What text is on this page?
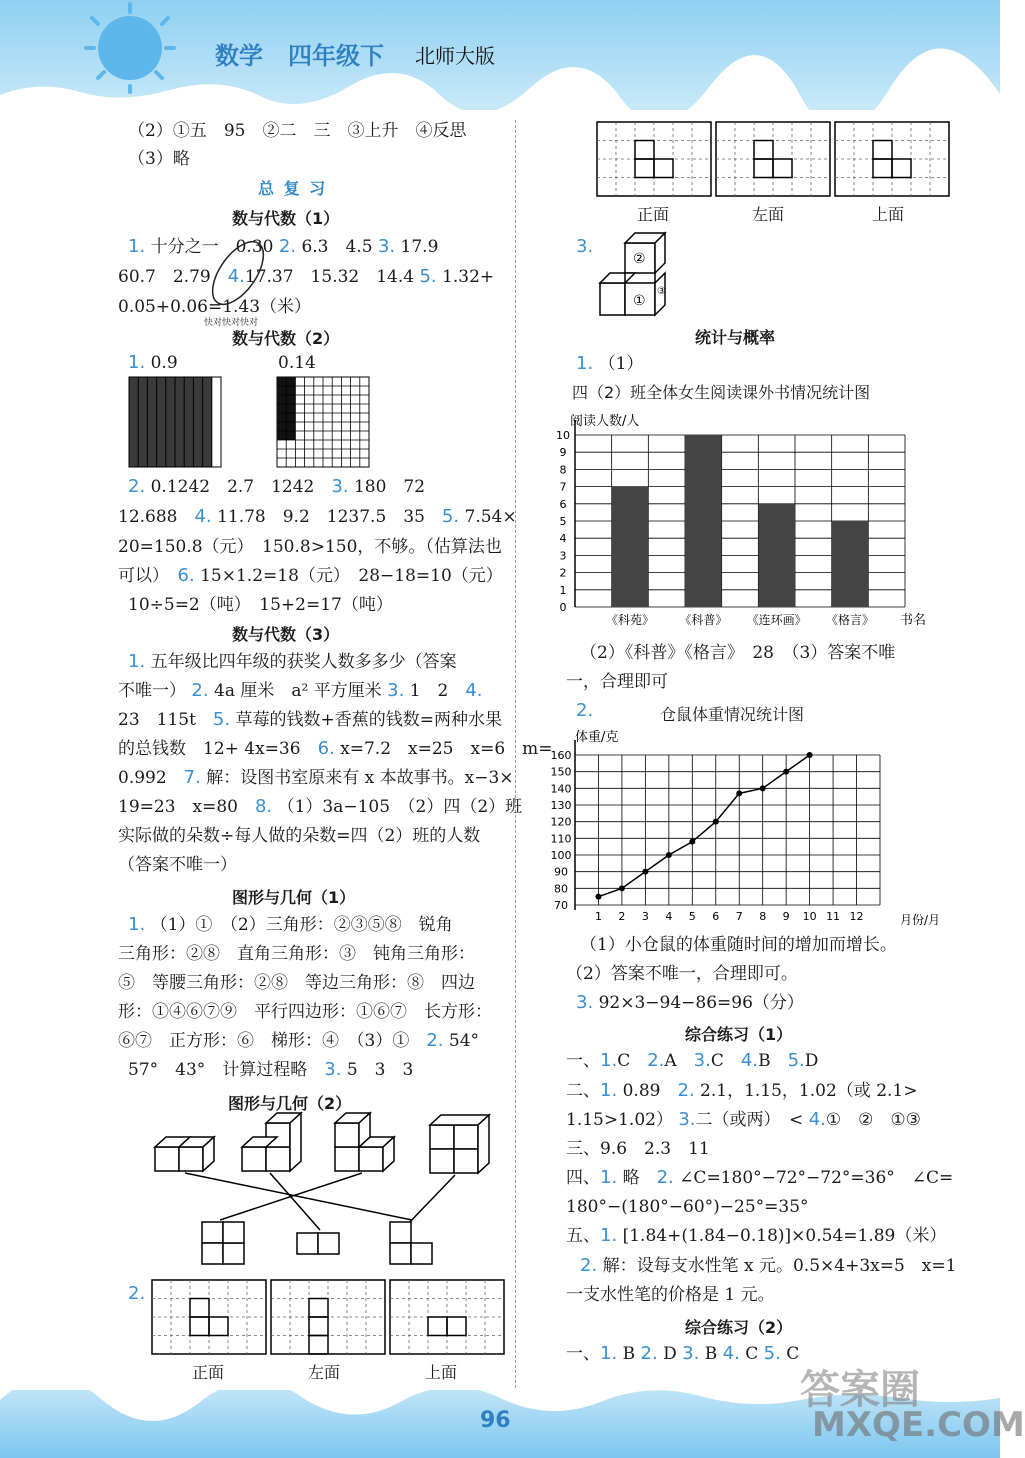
数学 四年级下 北师大版
（2）①五　95　②二　三　③上升　④反思
（3）略
总 复 习
数与代数（1）
1. 十分之一　0.30 2. 6.3　4.5 3. 17.9
60.7　2.79　 4.17.37　15.32　14.4 5. 1.32+
0.05+0.06=1.43（米）
快对快对快对
数与代数（2）
1. 0.9	0.14
2. 0.1242　2.7　1242　 3. 180　72
12.688　 4. 11.78　9.2　1237.5　35　 5. 7.54×
20=150.8（元）　150.8>150，不够。（估算法也
可以）　 6. 15×1.2=18（元）　28−18=10（元）
10÷5=2（吨）　15+2=17（吨）
数与代数（3）
1. 五年级比四年级的获奖人数多多少（答案
不唯一） 2. 4a 厘米　a² 平方厘米 3. 1　2　 4.
23　115t　 5. 草莓的钱数+香蕉的钱数=两种水果
的总钱数　12+ 4x=36　 6. x=7.2　x=25　x=6　m=
0.992　 7. 解：设图书室原来有 x 本故事书。x−3×
19=23　x=80　 8. （1）3a−105　（2）四（2）班
实际做的朵数÷每人做的朵数=四（2）班的人数
（答案不唯一）
图形与几何（1）
1. （1）①　（2）三角形：②③⑤⑧　锐角
三角形：②⑧　直角三角形：③　钝角三角形：
⑤　等腰三角形：②⑧　等边三角形：⑧　四边
形：①④⑥⑦⑨　平行四边形：①⑥⑦　长方形：
⑥⑦　正方形：⑥　梯形：④　（3）①　 2. 54°
57°　43°　计算过程略　 3. 5　3　3
图形与几何（2）
2.
正面	左面	上面
正面	左面	上面
3.
②
①
③
统计与概率
1. （1）
四（2）班全体女生阅读课外书情况统计图
阅读人数/人
书名
0
1
2
3
4
5
6
7
8
9
10
《科苑》 《科普》 《连环画》 《格言》
（2）《科普》《格言》　28　（3）答案不唯
一，合理即可
2.	仓鼠体重情况统计图
体重/克
月份/月
70
80
90
100
110
120
130
140
150
160
1 2 3 4 5 6 7 8 9 10 11 12
（1）小仓鼠的体重随时间的增加而增长。
（2）答案不唯一，合理即可。
3. 92×3−94−86=96（分）
综合练习（1）
一、1.C　 2.A　 3.C　 4.B　 5.D
二、1. 0.89　 2. 2.1，1.15，1.02（或 2.1>
1.15>1.02） 3.二（或两）　< 4.①　②　①③
三、9.6　2.3　11
四、1. 略　 2. ∠C=180°−72°−72°=36°　∠C=
180°−(180°−60°)−25°=35°
五、1. [1.84+(1.84−0.18)]×0.54=1.89（米）
2. 解：设每支水性笔 x 元。0.5×4+3x=5　x=1
一支水性笔的价格是 1 元。
综合练习（2）
一、1. B 2. D 3. B 4. C 5. C
96
答案圈
MXQE.COM
